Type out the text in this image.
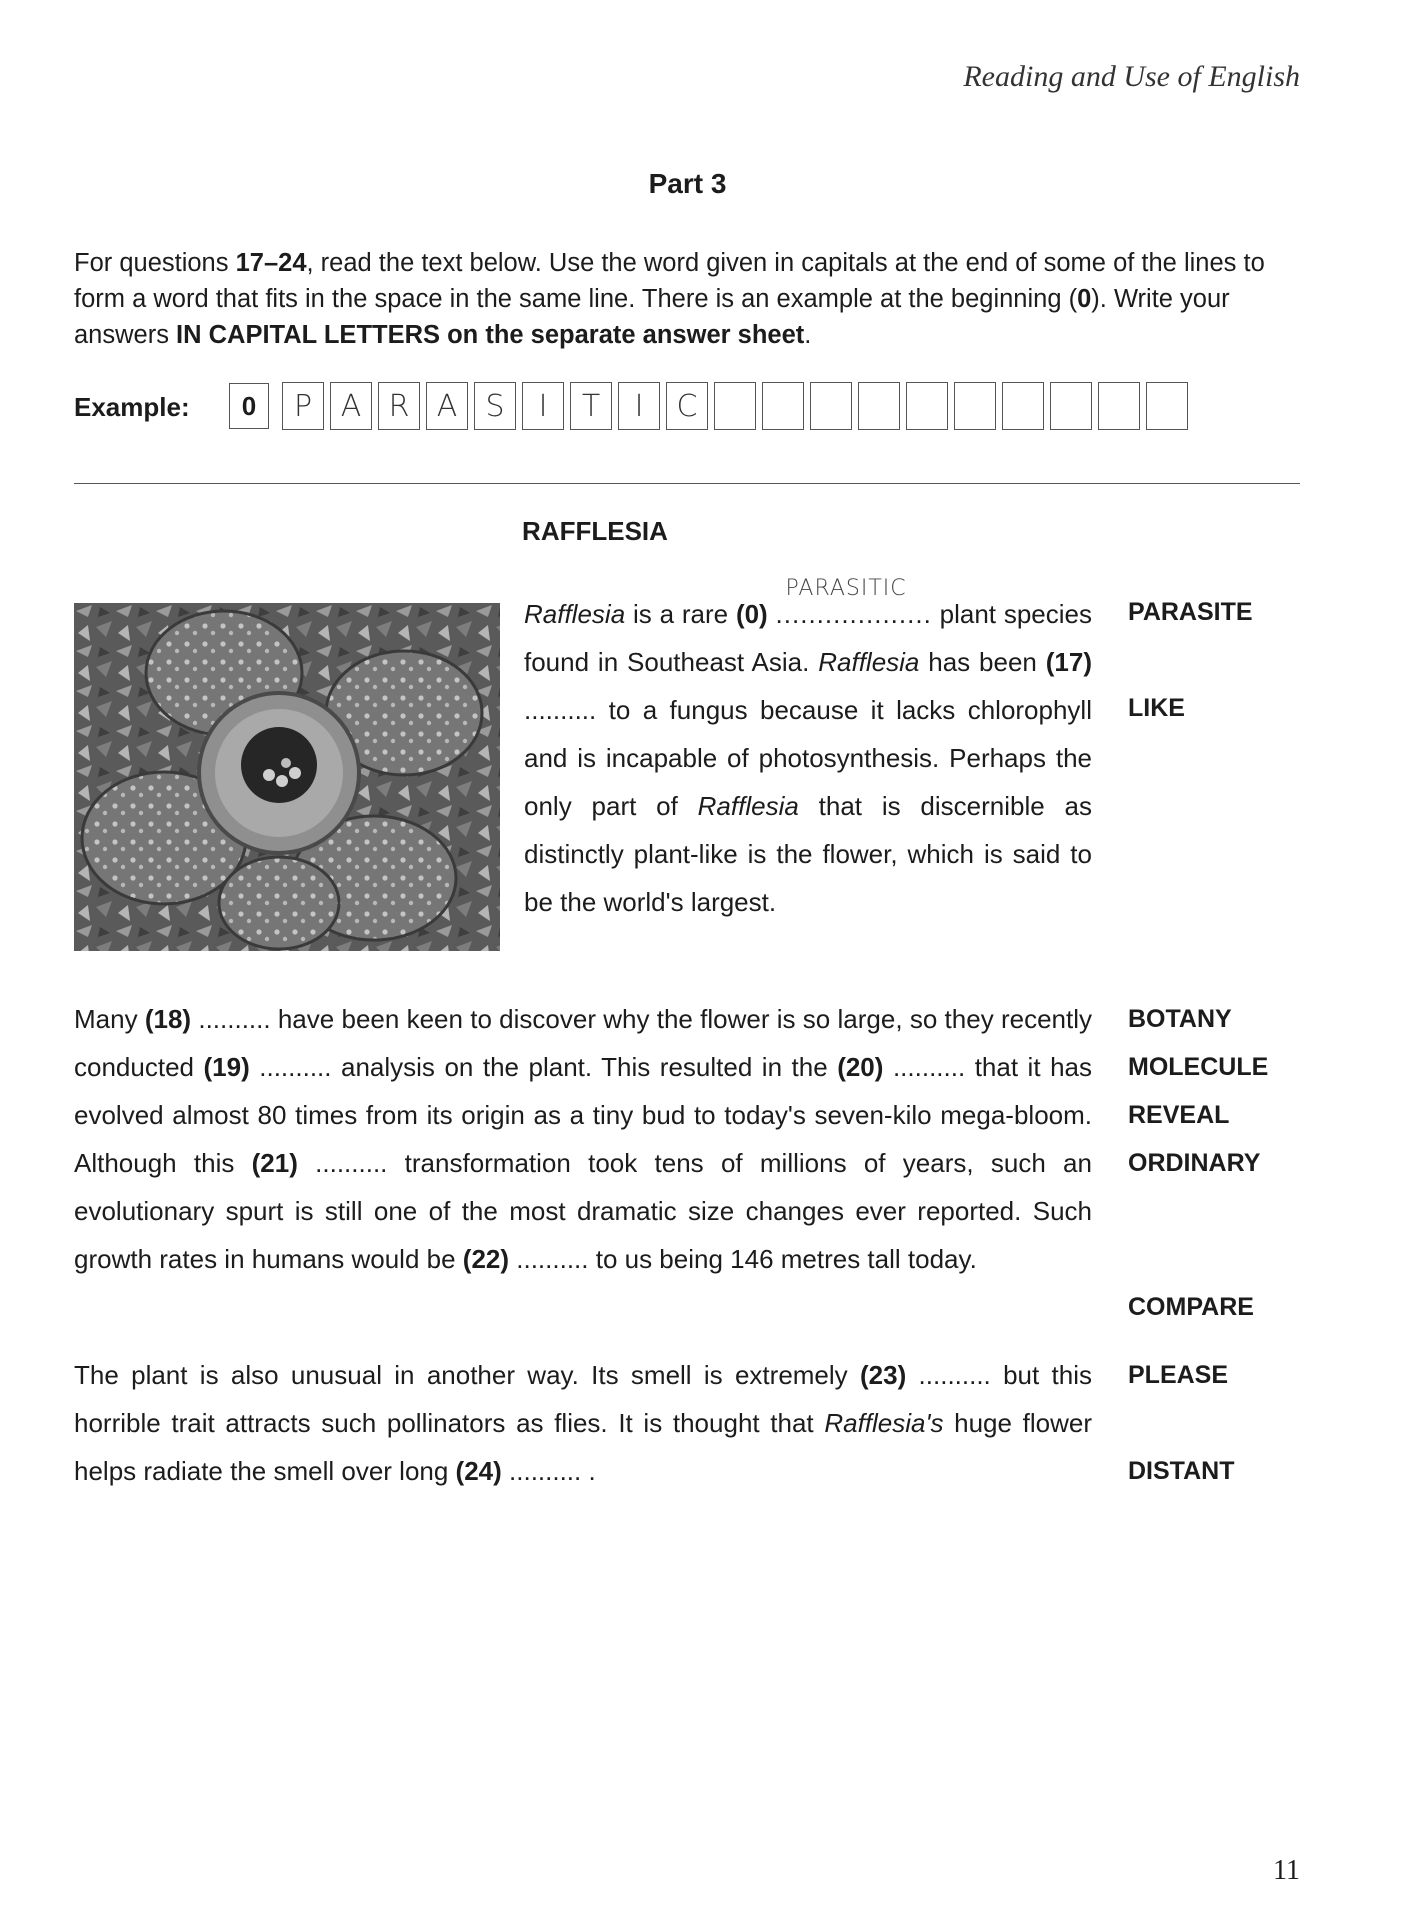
Reading and Use of English
Part 3
For questions 17–24, read the text below. Use the word given in capitals at the end of some of the lines to form a word that fits in the space in the same line. There is an example at the beginning (0). Write your answers IN CAPITAL LETTERS on the separate answer sheet.
Example:	0	P A R A S	I	T	I	C
RAFFLESIA
Rafflesia is a rare (0) ...................
PARASITIC
plant species found in Southeast Asia. Rafflesia has been (17) .......... to a fungus because it lacks chlorophyll and is incapable of photosynthesis. Perhaps the only part of Rafflesia that is discernible as distinctly plant-like is the flower, which is said to be the world's largest.
Many (18) .......... have been keen to discover why the flower is so large, so they recently conducted (19) .......... analysis on the plant. This resulted in the (20) .......... that it has evolved almost 80 times from its origin as a tiny bud to today's seven-kilo mega-bloom. Although this (21) .......... transformation took tens of millions of years, such an evolutionary spurt is still one of the most dramatic size changes ever reported. Such growth rates in humans would be (22) .......... to us being 146 metres tall today.
The plant is also unusual in another way. Its smell is extremely (23) .......... but this horrible trait attracts such pollinators as flies. It is thought that Rafflesia's huge flower helps radiate the smell over long (24) .......... .
PARASITE
LIKE
BOTANY
MOLECULE
REVEAL
ORDINARY
COMPARE
PLEASE
DISTANT
11
